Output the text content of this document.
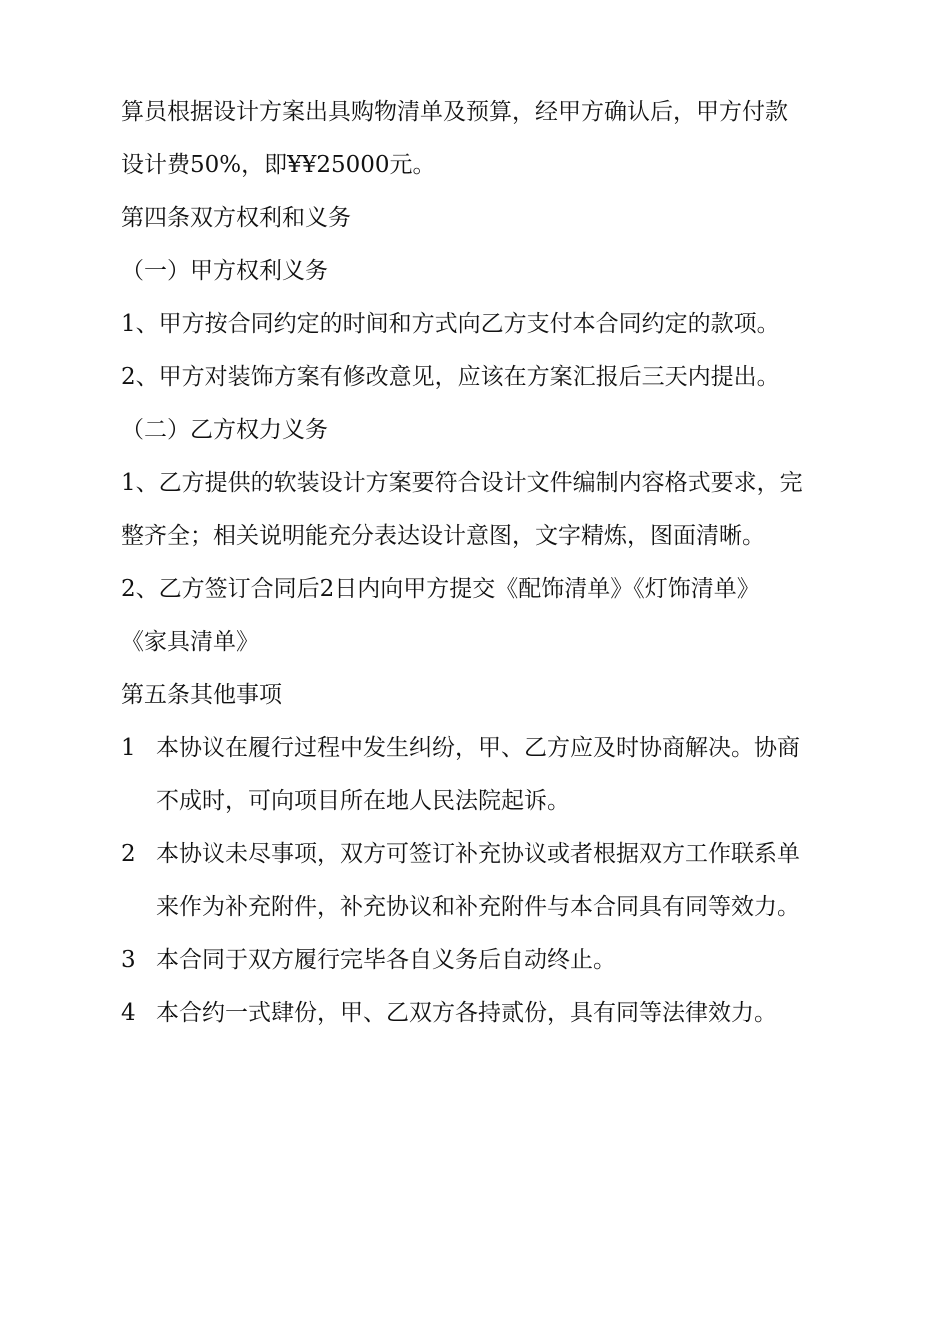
算员根据设计方案出具购物清单及预算，经甲方确认后，甲方付款
设计费50%，即¥¥25000元。
第四条双方权利和义务
（一）甲方权利义务
1、甲方按合同约定的时间和方式向乙方支付本合同约定的款项。
2、甲方对装饰方案有修改意见，应该在方案汇报后三天内提出。
（二）乙方权力义务
1、乙方提供的软装设计方案要符合设计文件编制内容格式要求，完
整齐全；相关说明能充分表达设计意图，文字精炼，图面清晰。
2、乙方签订合同后2日内向甲方提交《配饰清单》《灯饰清单》
《家具清单》
第五条其他事项
1 本协议在履行过程中发生纠纷，甲、乙方应及时协商解决。协商
不成时，可向项目所在地人民法院起诉。
2 本协议未尽事项，双方可签订补充协议或者根据双方工作联系单
来作为补充附件，补充协议和补充附件与本合同具有同等效力。
3 本合同于双方履行完毕各自义务后自动终止。
4 本合约一式肆份，甲、乙双方各持贰份，具有同等法律效力。
